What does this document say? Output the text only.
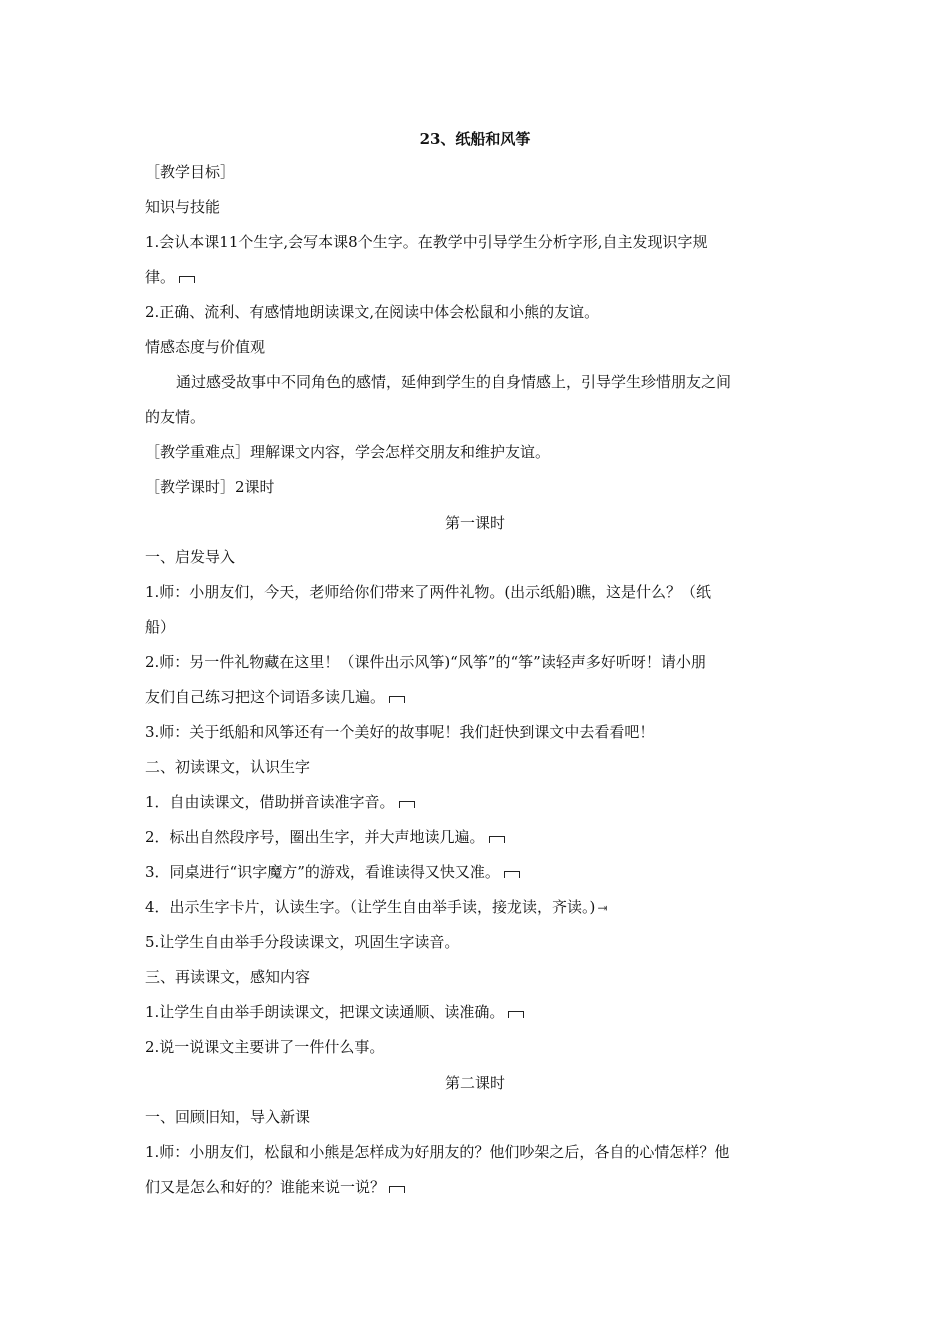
23、纸船和风筝
［教学目标］
知识与技能
1.会认本课11个生字,会写本课8个生字。在教学中引导学生分析字形,自主发现识字规
律。
2.正确、流利、有感情地朗读课文,在阅读中体会松鼠和小熊的友谊。
情感态度与价值观
通过感受故事中不同角色的感情，延伸到学生的自身情感上，引导学生珍惜朋友之间
的友情。
［教学重难点］理解课文内容，学会怎样交朋友和维护友谊。
［教学课时］2课时
第一课时
一、启发导入
1.师：小朋友们，今天，老师给你们带来了两件礼物。(出示纸船)瞧，这是什么？（纸
船）
2.师：另一件礼物藏在这里！（课件出示风筝)“风筝”的“筝”读轻声多好听呀！请小朋
友们自己练习把这个词语多读几遍。
3.师：关于纸船和风筝还有一个美好的故事呢！我们赶快到课文中去看看吧！
二、初读课文，认识生字
1．自由读课文，借助拼音读准字音。
2．标出自然段序号，圈出生字，并大声地读几遍。
3．同桌进行“识字魔方”的游戏，看谁读得又快又准。
4．出示生字卡片，认读生字。（让学生自由举手读，接龙读，齐读。) ⇥
5.让学生自由举手分段读课文，巩固生字读音。
三、再读课文，感知内容
1.让学生自由举手朗读课文，把课文读通顺、读准确。
2.说一说课文主要讲了一件什么事。
第二课时
一、回顾旧知，导入新课
1.师：小朋友们，松鼠和小熊是怎样成为好朋友的？他们吵架之后，各自的心情怎样？他
们又是怎么和好的？谁能来说一说？
